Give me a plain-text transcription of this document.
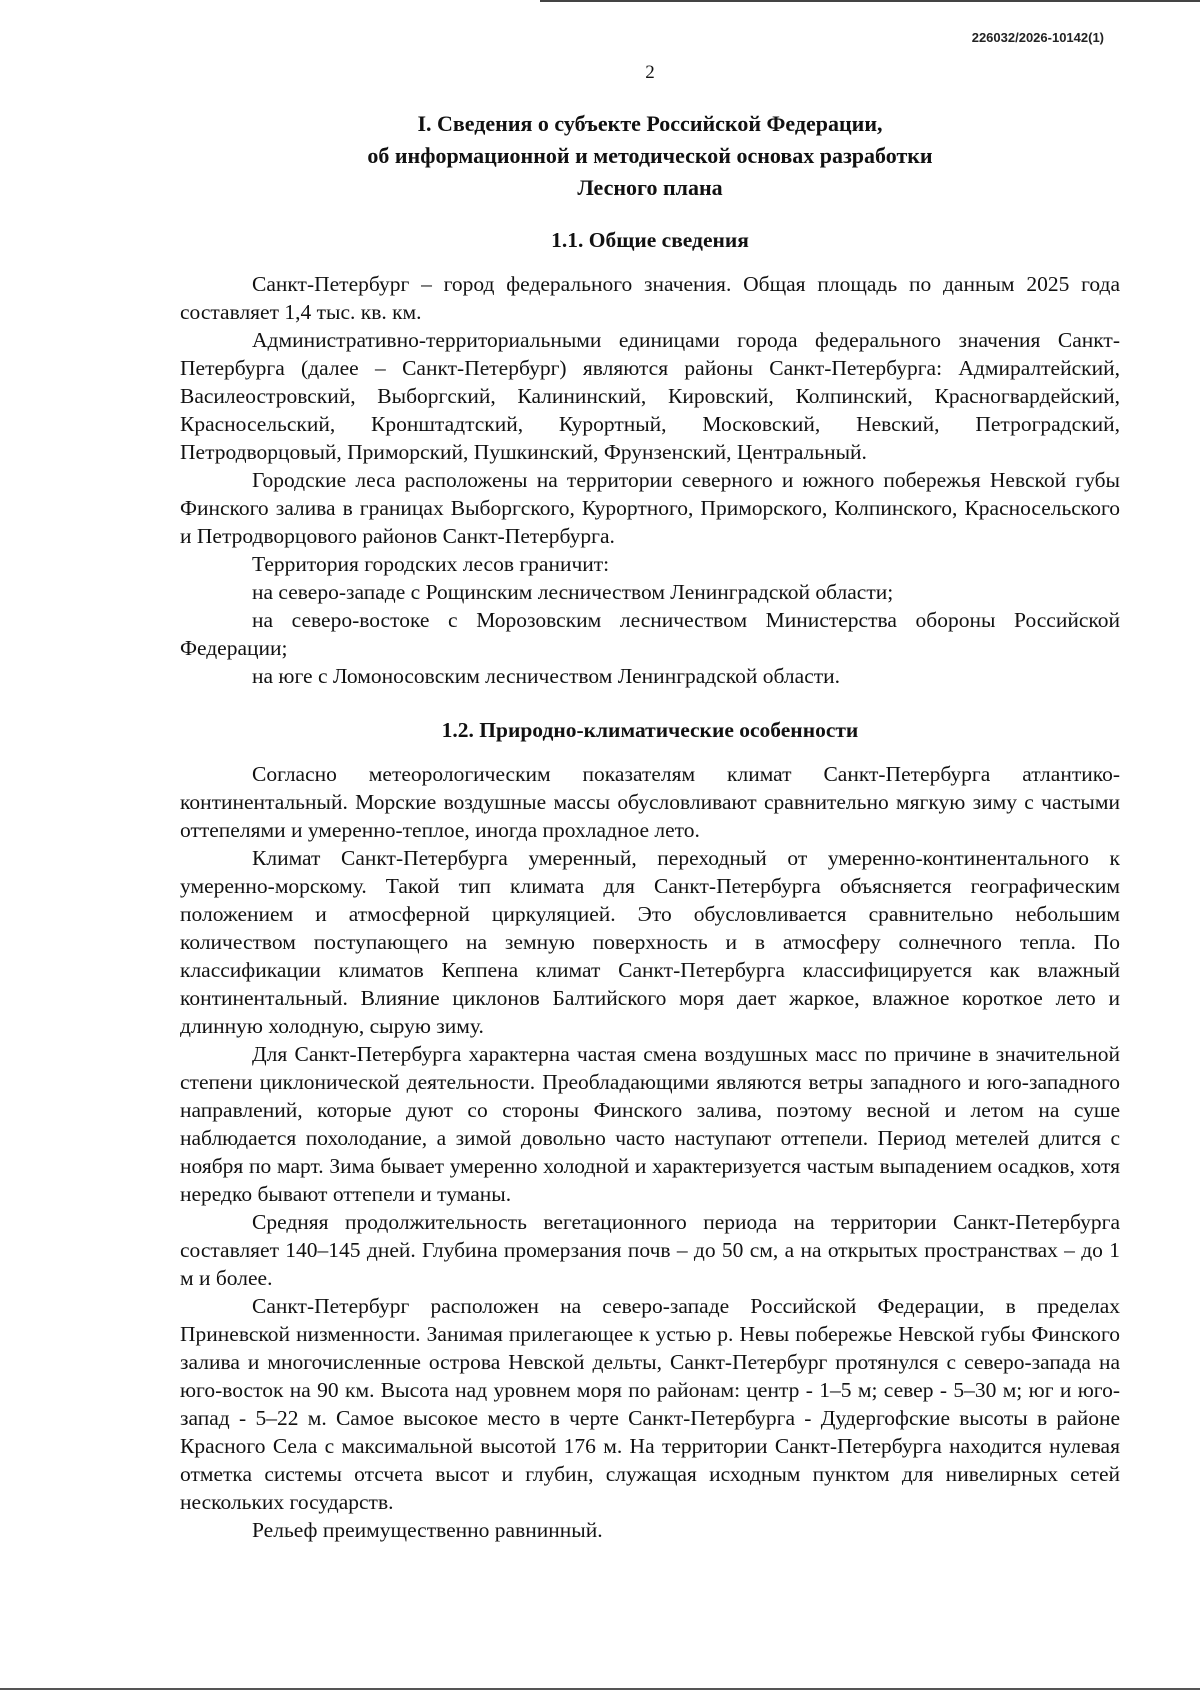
226032/2026-10142(1)
2
I. Сведения о субъекте Российской Федерации,
об информационной и методической основах разработки
Лесного плана
1.1. Общие сведения

Санкт-Петербург – город федерального значения. Общая площадь по данным 2025 года составляет 1,4 тыс. кв. км.

Административно-территориальными единицами города федерального значения Санкт-Петербурга (далее – Санкт-Петербург) являются районы Санкт-Петербурга: Адмиралтейский, Василеостровский, Выборгский, Калининский, Кировский, Колпинский, Красногвардейский, Красносельский, Кронштадтский, Курортный, Московский, Невский, Петроградский, Петродворцовый, Приморский, Пушкинский, Фрунзенский, Центральный.

Городские леса расположены на территории северного и южного побережья Невской губы Финского залива в границах Выборгского, Курортного, Приморского, Колпинского, Красносельского и Петродворцового районов Санкт-Петербурга.

Территория городских лесов граничит:

на северо-западе с Рощинским лесничеством Ленинградской области;

на северо-востоке с Морозовским лесничеством Министерства обороны Российской Федерации;

на юге с Ломоносовским лесничеством Ленинградской области.

1.2. Природно-климатические особенности

Согласно метеорологическим показателям климат Санкт-Петербурга атлантико-континентальный. Морские воздушные массы обусловливают сравнительно мягкую зиму с частыми оттепелями и умеренно-теплое, иногда прохладное лето.

Климат Санкт-Петербурга умеренный, переходный от умеренно-континентального к умеренно-морскому. Такой тип климата для Санкт-Петербурга объясняется географическим положением и атмосферной циркуляцией. Это обусловливается сравнительно небольшим количеством поступающего на земную поверхность и в атмосферу солнечного тепла. По классификации климатов Кеппена климат Санкт-Петербурга классифицируется как влажный континентальный. Влияние циклонов Балтийского моря дает жаркое, влажное короткое лето и длинную холодную, сырую зиму.

Для Санкт-Петербурга характерна частая смена воздушных масс по причине в значительной степени циклонической деятельности. Преобладающими являются ветры западного и юго-западного направлений, которые дуют со стороны Финского залива, поэтому весной и летом на суше наблюдается похолодание, а зимой довольно часто наступают оттепели. Период метелей длится с ноября по март. Зима бывает умеренно холодной и характеризуется частым выпадением осадков, хотя нередко бывают оттепели и туманы.

Средняя продолжительность вегетационного периода на территории Санкт-Петербурга составляет 140–145 дней. Глубина промерзания почв – до 50 см, а на открытых пространствах – до 1 м и более.

Санкт-Петербург расположен на северо-западе Российской Федерации, в пределах Приневской низменности. Занимая прилегающее к устью р. Невы побережье Невской губы Финского залива и многочисленные острова Невской дельты, Санкт-Петербург протянулся с северо-запада на юго-восток на 90 км. Высота над уровнем моря по районам: центр - 1–5 м; север - 5–30 м; юг и юго-запад - 5–22 м. Самое высокое место в черте Санкт-Петербурга - Дудергофские высоты в районе Красного Села с максимальной высотой 176 м. На территории Санкт-Петербурга находится нулевая отметка системы отсчета высот и глубин, служащая исходным пунктом для нивелирных сетей нескольких государств.

Рельеф преимущественно равнинный.
